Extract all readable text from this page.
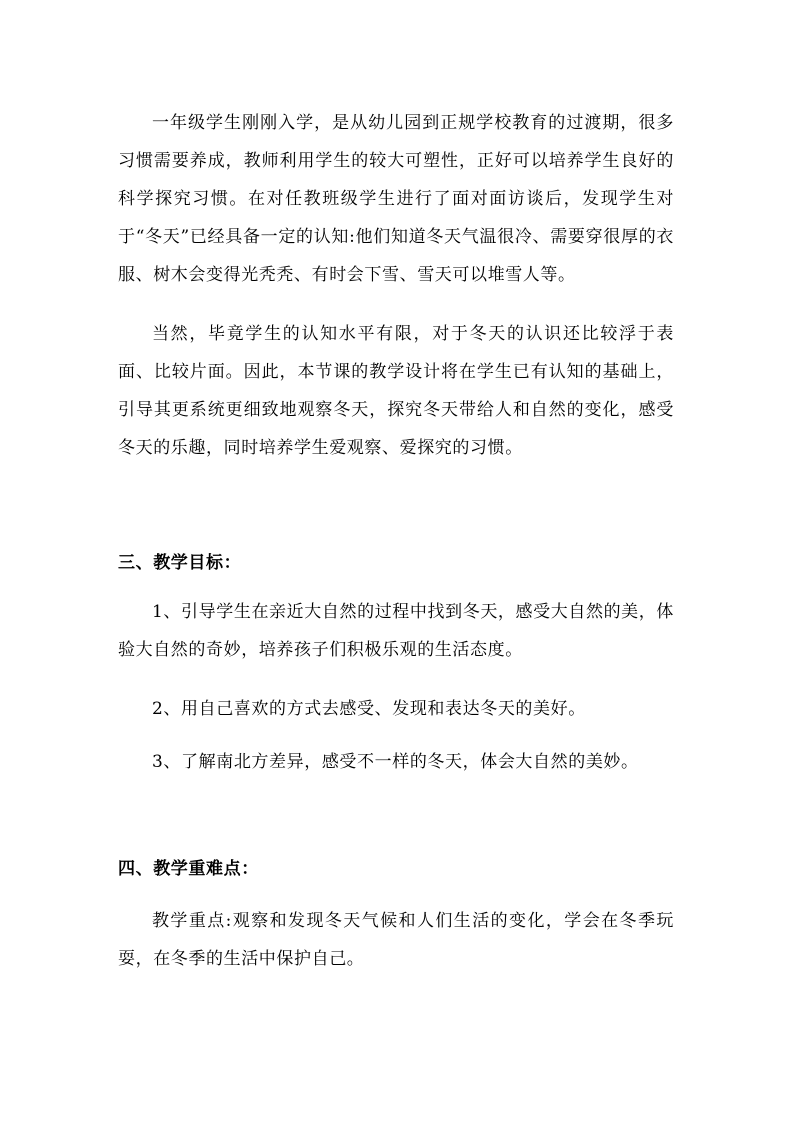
一年级学生刚刚入学，是从幼儿园到正规学校教育的过渡期，很多习惯需要养成，教师利用学生的较大可塑性，正好可以培养学生良好的科学探究习惯。在对任教班级学生进行了面对面访谈后，发现学生对于“冬天”已经具备一定的认知:他们知道冬天气温很冷、需要穿很厚的衣服、树木会变得光秃秃、有时会下雪、雪天可以堆雪人等。

当然，毕竟学生的认知水平有限，对于冬天的认识还比较浮于表面、比较片面。因此，本节课的教学设计将在学生已有认知的基础上，引导其更系统更细致地观察冬天，探究冬天带给人和自然的变化，感受冬天的乐趣，同时培养学生爱观察、爱探究的习惯。

三、教学目标：

1、引导学生在亲近大自然的过程中找到冬天，感受大自然的美，体验大自然的奇妙，培养孩子们积极乐观的生活态度。

2、用自己喜欢的方式去感受、发现和表达冬天的美好。

3、了解南北方差异，感受不一样的冬天，体会大自然的美妙。

四、教学重难点：

教学重点:观察和发现冬天气候和人们生活的变化，学会在冬季玩耍，在冬季的生活中保护自己。
